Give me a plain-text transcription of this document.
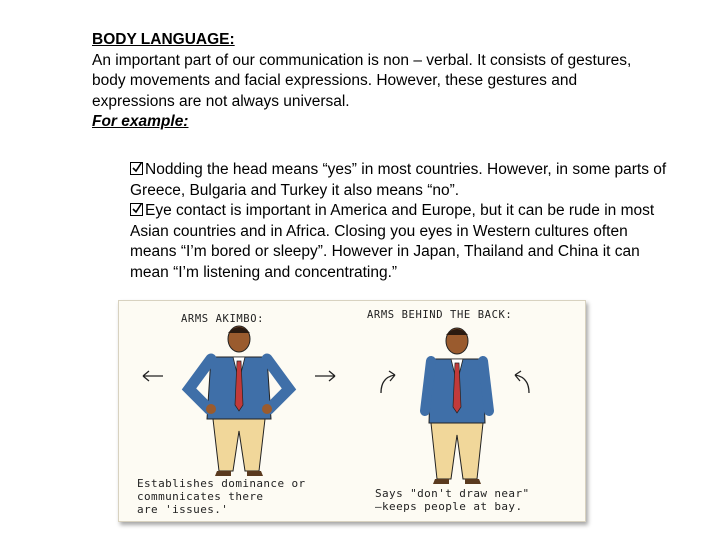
BODY LANGUAGE:
An important part of our communication is non – verbal. It consists of gestures, body movements and facial expressions. However, these gestures and expressions are not always universal.
For example:
Nodding the head means “yes” in most countries. However, in some parts of Greece, Bulgaria and Turkey it also means “no”.
Eye contact is important in America and Europe, but it can be rude in most Asian countries and in Africa. Closing you eyes in Western cultures often means “I’m bored or sleepy”. However in Japan, Thailand and China it can mean “I’m listening and concentrating.”
ARMS AKIMBO:	ARMS BEHIND THE BACK:
Establishes dominance or
communicates there
are 'issues.'
Says "don't draw near"
—keeps people at bay.
